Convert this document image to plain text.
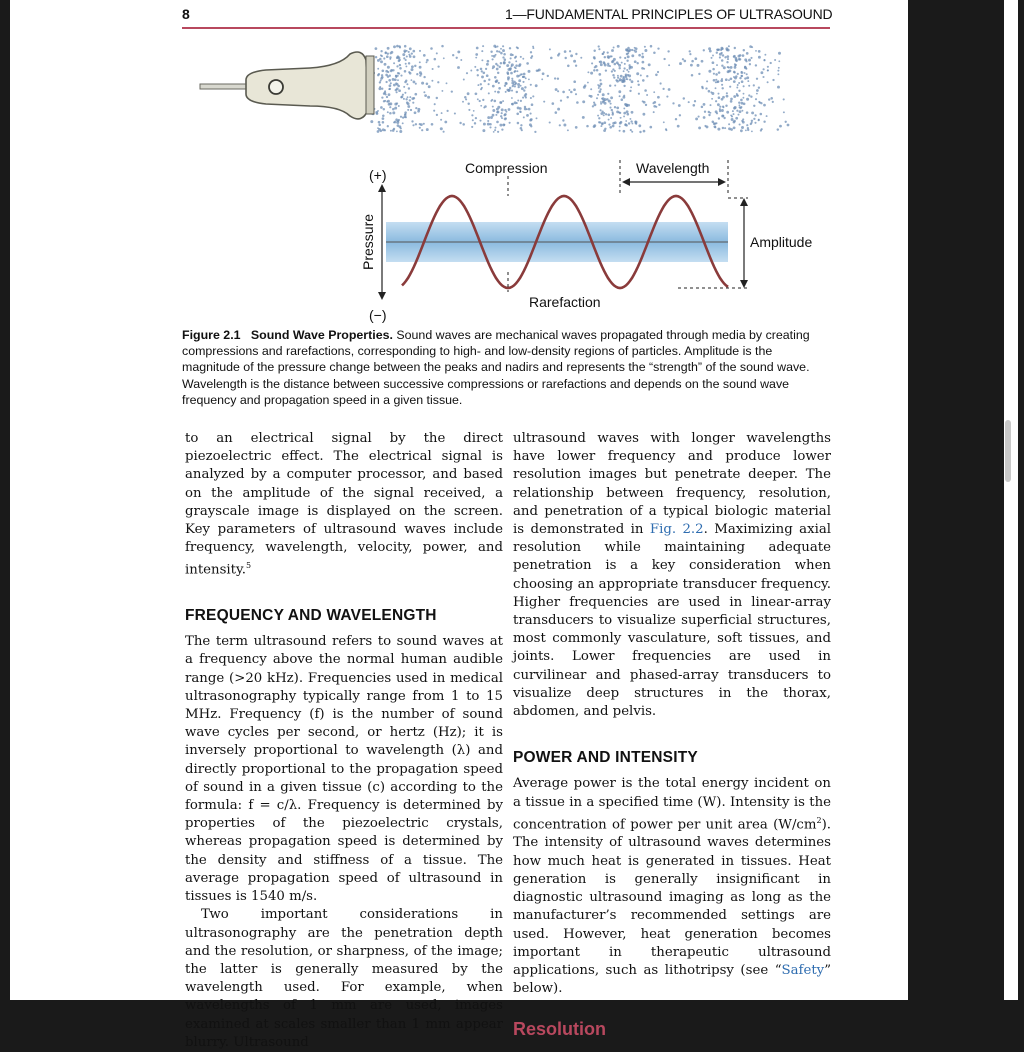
8	1—FUNDAMENTAL PRINCIPLES OF ULTRASOUND
(+)
(−)
Pressure
Compression	Wavelength
Amplitude
Rarefaction
Figure 2.1 Sound Wave Properties. Sound waves are mechanical waves propagated through media by creating compressions and rarefactions, corresponding to high- and low-density regions of particles. Amplitude is the magnitude of the pressure change between the peaks and nadirs and represents the “strength” of the sound wave. Wavelength is the distance between successive compressions or rarefactions and depends on the sound wave frequency and propagation speed in a given tissue.

to an electrical signal by the direct piezoelectric effect. The electrical signal is analyzed by a computer processor, and based on the amplitude of the signal received, a grayscale image is displayed on the screen. Key parameters of ultrasound waves include frequency, wavelength, velocity, power, and intensity.$^5$

FREQUENCY AND WAVELENGTH

The term ultrasound refers to sound waves at a frequency above the normal human audible range (>20 kHz). Frequencies used in medical ultrasonography typically range from 1 to 15 MHz. Frequency (f) is the number of sound wave cycles per second, or hertz (Hz); it is inversely proportional to wavelength (λ) and directly proportional to the propagation speed of sound in a given tissue (c) according to the formula: f = c/λ. Frequency is determined by properties of the piezoelectric crystals, whereas propagation speed is determined by the density and stiffness of a tissue. The average propagation speed of ultrasound in tissues is 1540 m/s.

Two important considerations in ultrasonography are the penetration depth and the resolution, or sharpness, of the image; the latter is generally measured by the wavelength used. For example, when wavelengths of 1 mm are used, images examined at scales smaller than 1 mm appear blurry. Ultrasound

ultrasound waves with longer wavelengths have lower frequency and produce lower resolution images but penetrate deeper. The relationship between frequency, resolution, and penetration of a typical biologic material is demonstrated in Fig. 2.2. Maximizing axial resolution while maintaining adequate penetration is a key consideration when choosing an appropriate transducer frequency. Higher frequencies are used in linear-array transducers to visualize superficial structures, most commonly vasculature, soft tissues, and joints. Lower frequencies are used in curvilinear and phased-array transducers to visualize deep structures in the thorax, abdomen, and pelvis.

POWER AND INTENSITY

Average power is the total energy incident on a tissue in a specified time (W). Intensity is the concentration of power per unit area $(W/cm^2)$. The intensity of ultrasound waves determines how much heat is generated in tissues. Heat generation is generally insignificant in diagnostic ultrasound imaging as long as the manufacturer’s recommended settings are used. However, heat generation becomes important in therapeutic ultrasound applications, such as lithotripsy (see “Safety” below).

Resolution
